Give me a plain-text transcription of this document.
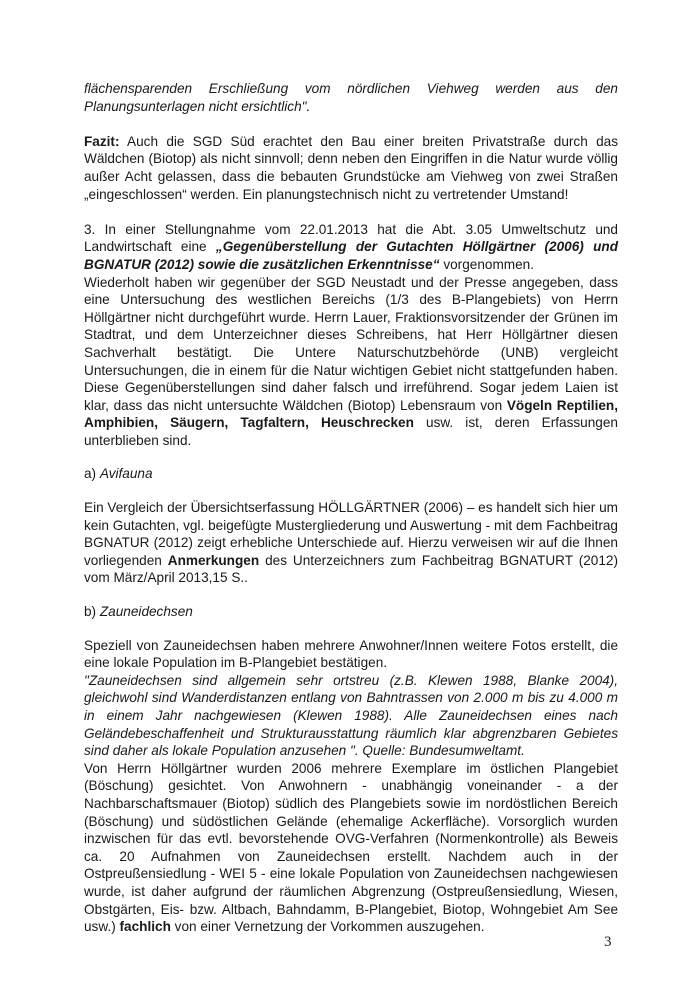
flächensparenden Erschließung vom nördlichen Viehweg werden aus den Planungsunterlagen nicht ersichtlich".

Fazit: Auch die SGD Süd erachtet den Bau einer breiten Privatstraße durch das Wäldchen (Biotop) als nicht sinnvoll; denn neben den Eingriffen in die Natur wurde völlig außer Acht gelassen, dass die bebauten Grundstücke am Viehweg von zwei Straßen „eingeschlossen“ werden. Ein planungstechnisch nicht zu vertretender Umstand!

3. In einer Stellungnahme vom 22.01.2013 hat die Abt. 3.05 Umweltschutz und Landwirtschaft eine „Gegenüberstellung der Gutachten Höllgärtner (2006) und BGNATUR (2012) sowie die zusätzlichen Erkenntnisse“ vorgenommen.
Wiederholt haben wir gegenüber der SGD Neustadt und der Presse angegeben, dass eine Untersuchung des westlichen Bereichs (1/3 des B-Plangebiets) von Herrn Höllgärtner nicht durchgeführt wurde. Herrn Lauer, Fraktionsvorsitzender der Grünen im Stadtrat, und dem Unterzeichner dieses Schreibens, hat Herr Höllgärtner diesen Sachverhalt bestätigt. Die Untere Naturschutzbehörde (UNB) vergleicht Untersuchungen, die in einem für die Natur wichtigen Gebiet nicht stattgefunden haben. Diese Gegenüberstellungen sind daher falsch und irreführend. Sogar jedem Laien ist klar, dass das nicht untersuchte Wäldchen (Biotop) Lebensraum von Vögeln Reptilien, Amphibien, Säugern, Tagfaltern, Heuschrecken usw. ist, deren Erfassungen unterblieben sind.

a) Avifauna

Ein Vergleich der Übersichtserfassung HÖLLGÄRTNER (2006) – es handelt sich hier um kein Gutachten, vgl. beigefügte Mustergliederung und Auswertung - mit dem Fachbeitrag BGNATUR (2012) zeigt erhebliche Unterschiede auf. Hierzu verweisen wir auf die Ihnen vorliegenden Anmerkungen des Unterzeichners zum Fachbeitrag BGNATURT (2012) vom März/April 2013,15 S..

b) Zauneidechsen

Speziell von Zauneidechsen haben mehrere Anwohner/Innen weitere Fotos erstellt, die eine lokale Population im B-Plangebiet bestätigen.
"Zauneidechsen sind allgemein sehr ortstreu (z.B. Klewen 1988, Blanke 2004), gleichwohl sind Wanderdistanzen entlang von Bahntrassen von 2.000 m bis zu 4.000 m in einem Jahr nachgewiesen (Klewen 1988). Alle Zauneidechsen eines nach Geländebeschaffenheit und Strukturausstattung räumlich klar abgrenzbaren Gebietes sind daher als lokale Population anzusehen ". Quelle: Bundesumweltamt.
Von Herrn Höllgärtner wurden 2006 mehrere Exemplare im östlichen Plangebiet (Böschung) gesichtet. Von Anwohnern - unabhängig voneinander - a der Nachbarschaftsmauer (Biotop) südlich des Plangebiets sowie im nordöstlichen Bereich (Böschung) und südöstlichen Gelände (ehemalige Ackerfläche). Vorsorglich wurden inzwischen für das evtl. bevorstehende OVG-Verfahren (Normenkontrolle) als Beweis ca. 20 Aufnahmen von Zauneidechsen erstellt. Nachdem auch in der Ostpreußensiedlung - WEI 5 - eine lokale Population von Zauneidechsen nachgewiesen wurde, ist daher aufgrund der räumlichen Abgrenzung (Ostpreußensiedlung, Wiesen, Obstgärten, Eis- bzw. Altbach, Bahndamm, B-Plangebiet, Biotop, Wohngebiet Am See usw.) fachlich von einer Vernetzung der Vorkommen auszugehen.

3
